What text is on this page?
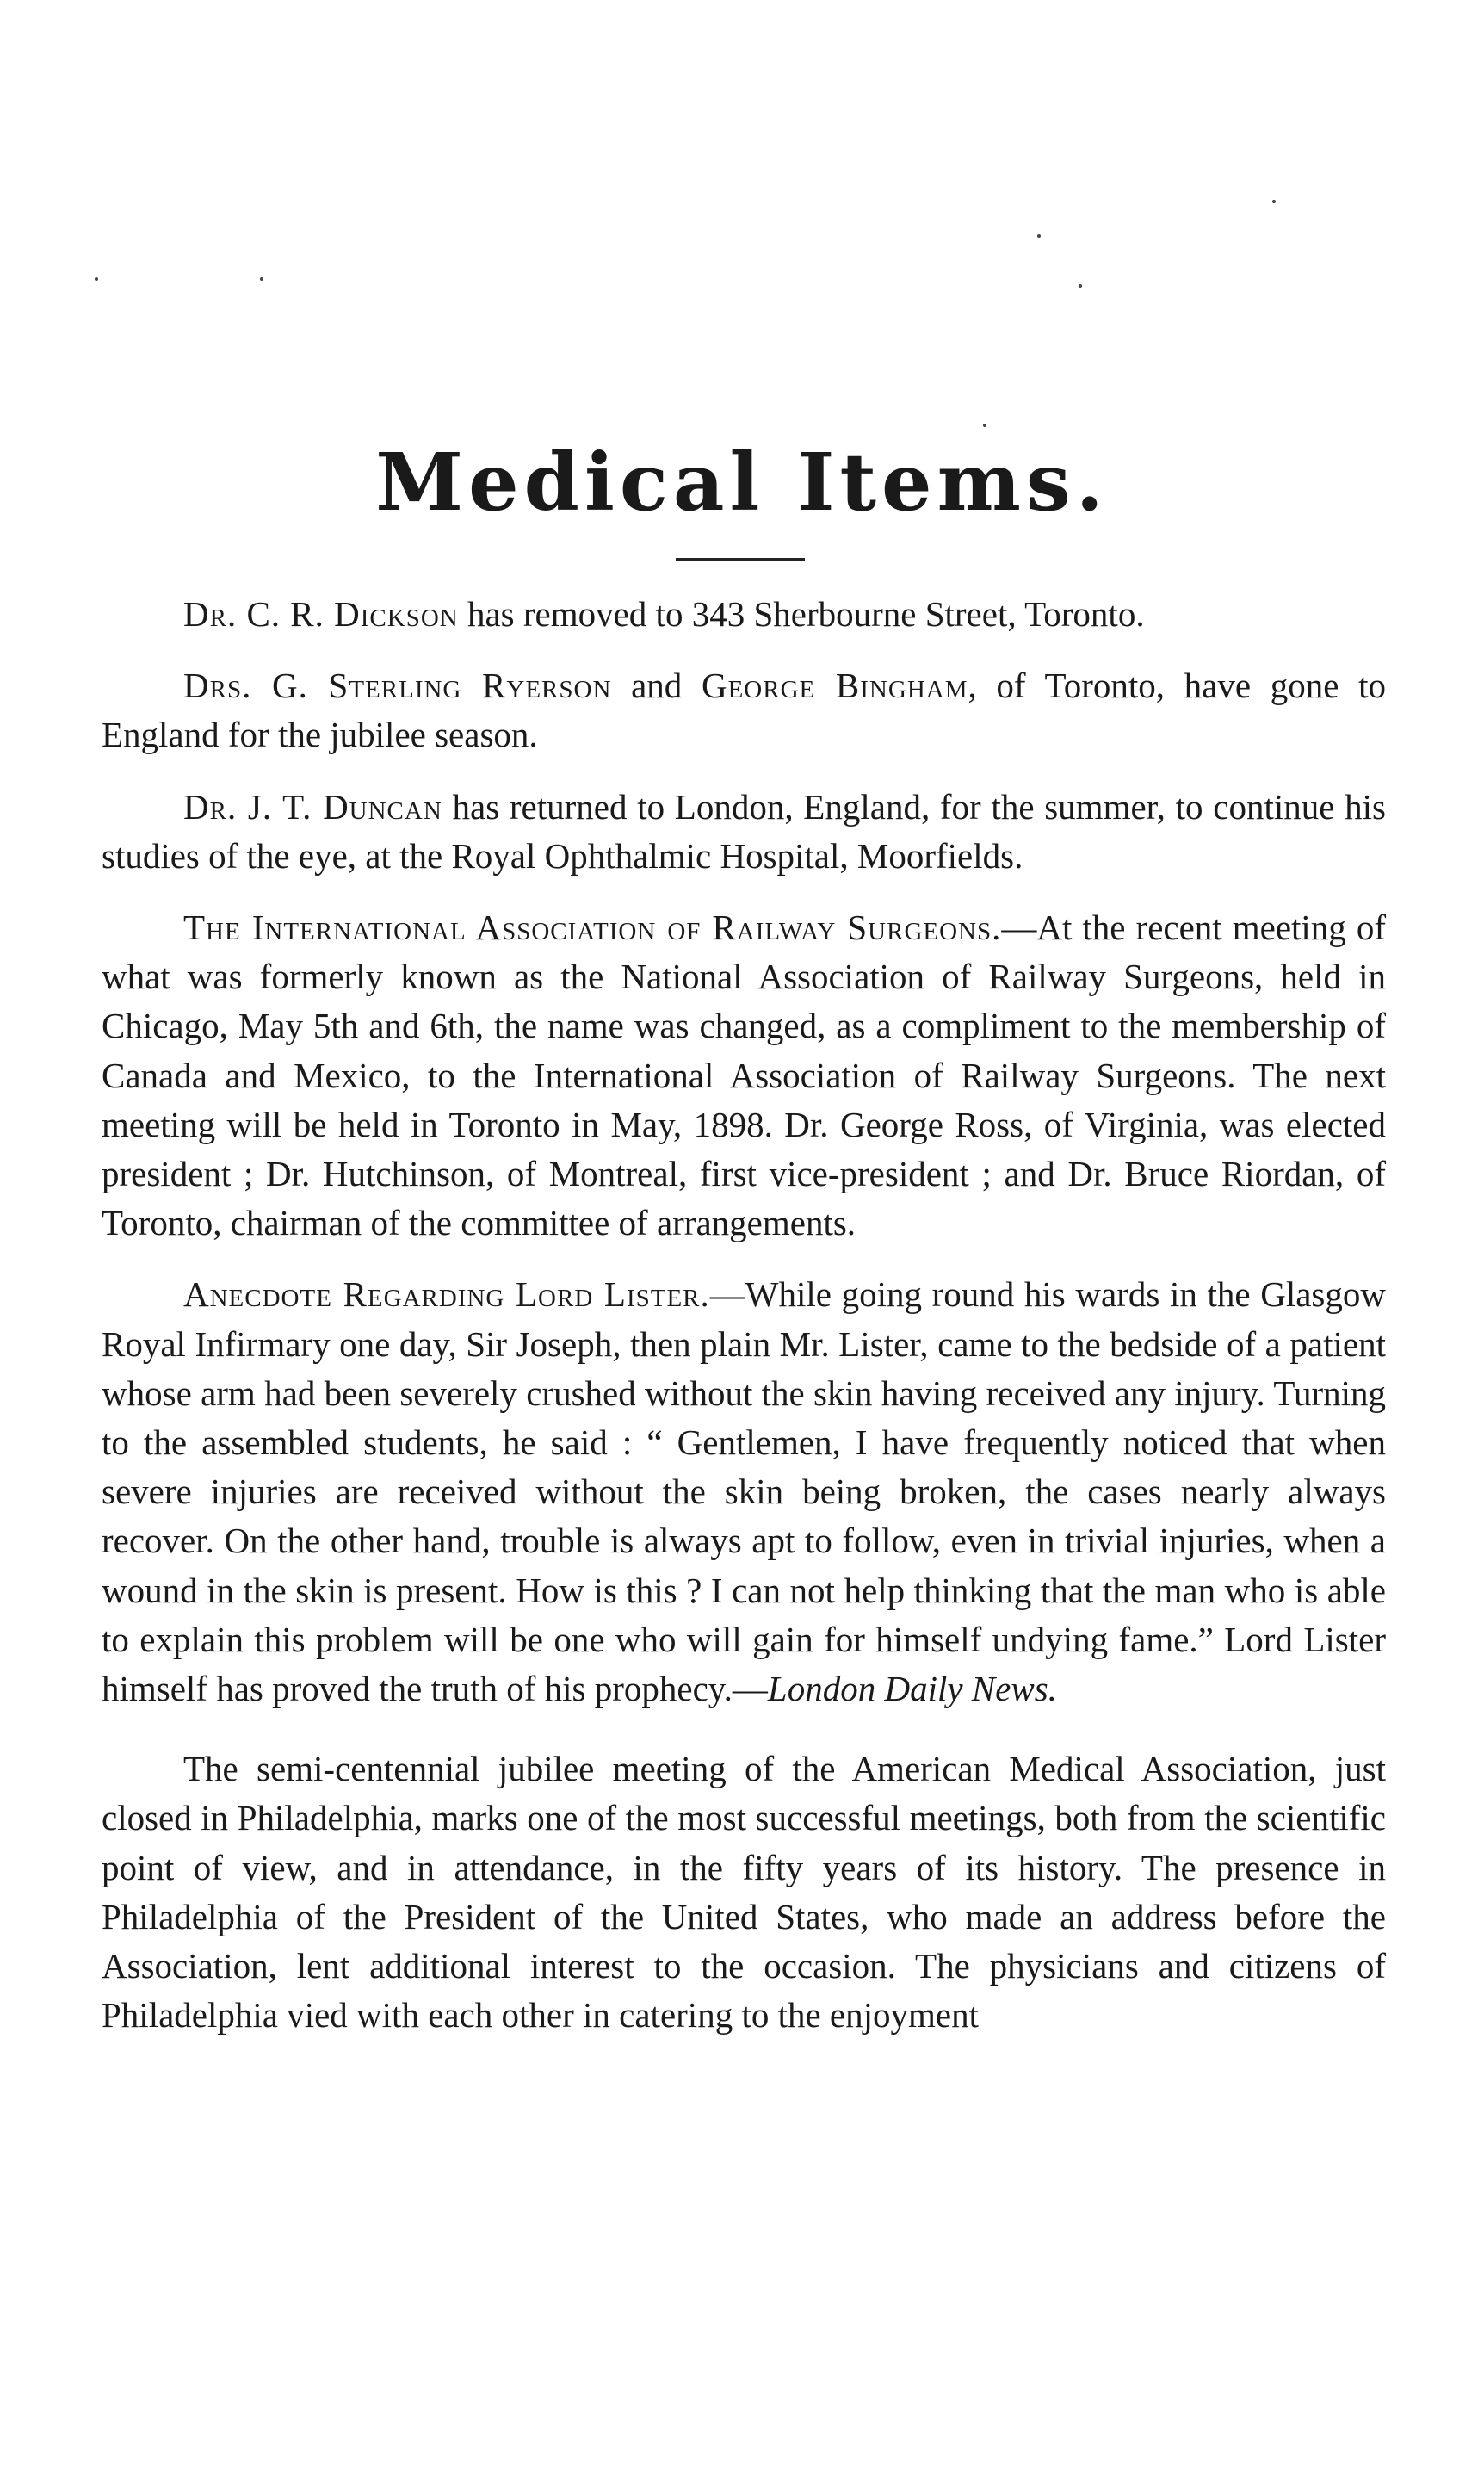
Medical Items.

Dr. C. R. Dickson has removed to 343 Sherbourne Street, Toronto.

Drs. G. Sterling Ryerson and George Bingham, of Toronto, have gone to England for the jubilee season.

Dr. J. T. Duncan has returned to London, England, for the summer, to continue his studies of the eye, at the Royal Ophthalmic Hospital, Moorfields.

The International Association of Railway Surgeons.—At the recent meeting of what was formerly known as the National Association of Railway Surgeons, held in Chicago, May 5th and 6th, the name was changed, as a compliment to the membership of Canada and Mexico, to the International Association of Railway Surgeons. The next meeting will be held in Toronto in May, 1898. Dr. George Ross, of Virginia, was elected president ; Dr. Hutchinson, of Montreal, first vice-president ; and Dr. Bruce Riordan, of Toronto, chairman of the committee of arrangements.

Anecdote Regarding Lord Lister.—While going round his wards in the Glasgow Royal Infirmary one day, Sir Joseph, then plain Mr. Lister, came to the bedside of a patient whose arm had been severely crushed without the skin having received any injury. Turning to the assembled students, he said : “ Gentlemen, I have frequently noticed that when severe injuries are received without the skin being broken, the cases nearly always recover. On the other hand, trouble is always apt to follow, even in trivial injuries, when a wound in the skin is present. How is this ? I can not help thinking that the man who is able to explain this problem will be one who will gain for himself undying fame.” Lord Lister himself has proved the truth of his prophecy.—London Daily News.

The semi-centennial jubilee meeting of the American Medical Association, just closed in Philadelphia, marks one of the most successful meetings, both from the scientific point of view, and in attendance, in the fifty years of its history. The presence in Philadelphia of the President of the United States, who made an address before the Association, lent additional interest to the occasion. The physicians and citizens of Philadelphia vied with each other in catering to the enjoyment
